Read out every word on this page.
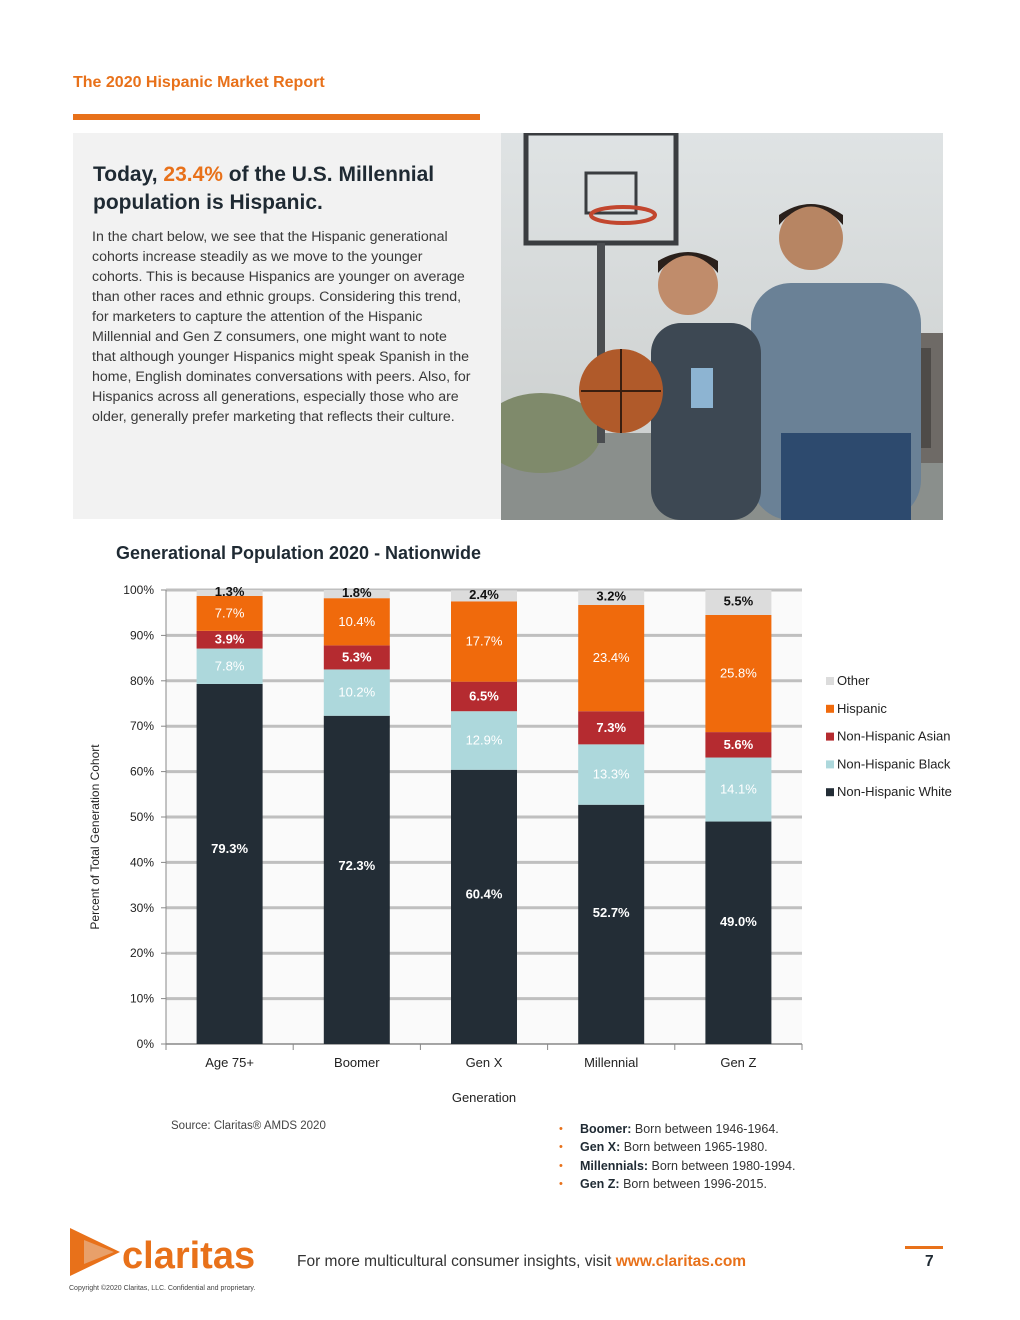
The 2020 Hispanic Market Report
Today, 23.4% of the U.S. Millennial population is Hispanic.
In the chart below, we see that the Hispanic generational cohorts increase steadily as we move to the younger cohorts. This is because Hispanics are younger on average than other races and ethnic groups. Considering this trend, for marketers to capture the attention of the Hispanic Millennial and Gen Z consumers, one might want to note that although younger Hispanics might speak Spanish in the home, English dominates conversations with peers. Also, for Hispanics across all generations, especially those who are older, generally prefer marketing that reflects their culture.
Generational Population 2020 - Nationwide
0%
10%
20%
30%
40%
50%
60%
70%
80%
90%
100%
79.3%
7.8%
3.9%
7.7%
1.3%
Age 75+
72.3%
10.2%
5.3%
10.4%
1.8%
Boomer
60.4%
12.9%
6.5%
17.7%
2.4%
Gen X
52.7%
13.3%
7.3%
23.4%
3.2%
Millennial
49.0%
14.1%
5.6%
25.8%
5.5%
Gen Z
Generation
Percent of Total Generation Cohort
Other
Hispanic
Non-Hispanic Asian
Non-Hispanic Black
Non-Hispanic White
Source: Claritas® AMDS 2020	• Boomer: Born between 1946-1964.
• Gen X: Born between 1965-1980.
• Millennials: Born between 1980-1994.
• Gen Z: Born between 1996-2015.
claritas	For more multicultural consumer insights, visit www.claritas.com	7
Copyright ©2020 Claritas, LLC. Confidential and proprietary.
